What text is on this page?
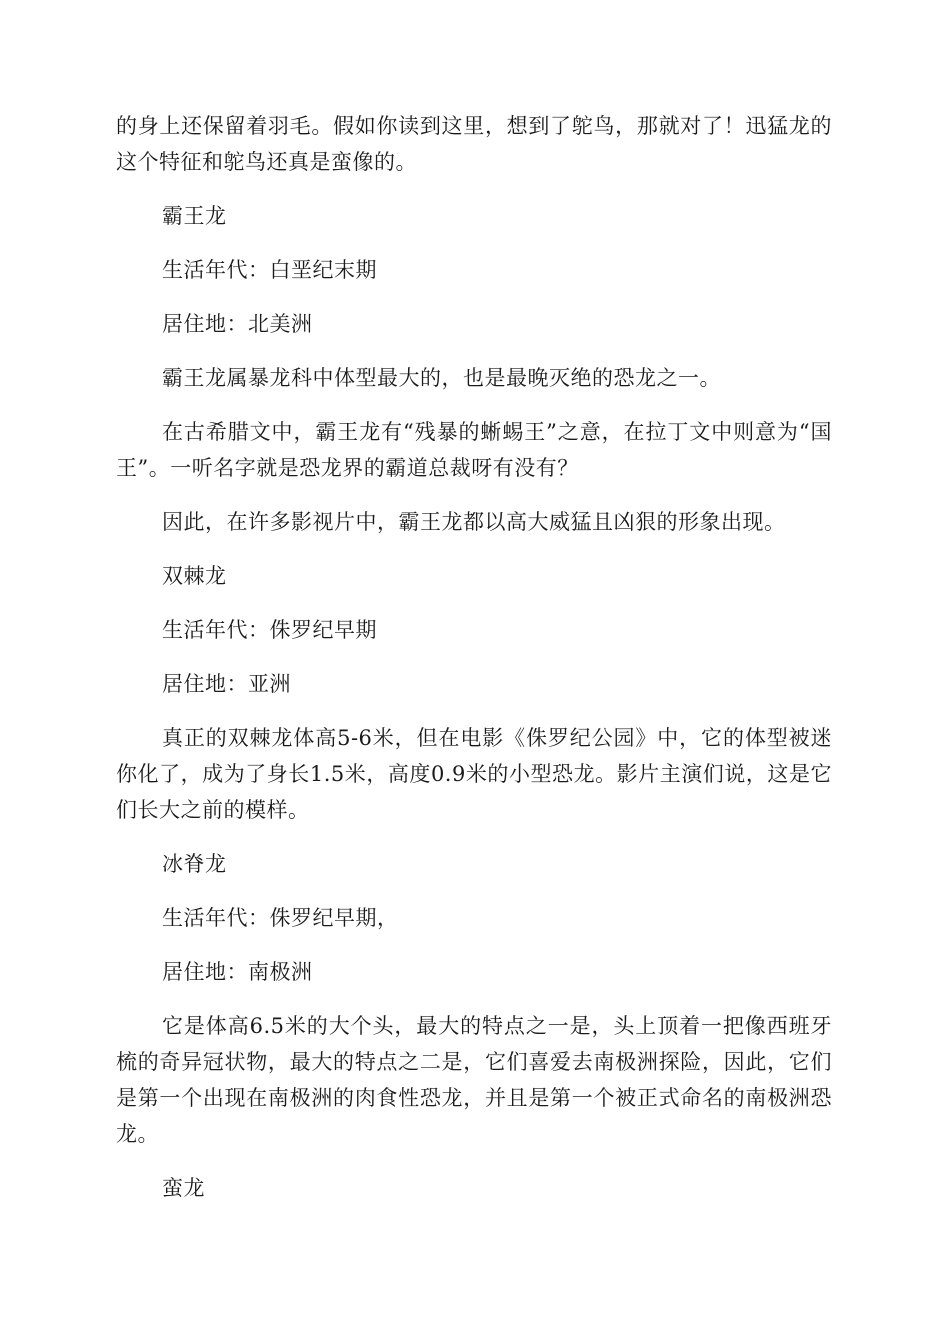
的身上还保留着羽毛。假如你读到这里，想到了鸵鸟，那就对了！迅猛龙的这个特征和鸵鸟还真是蛮像的。

霸王龙

生活年代：白垩纪末期

居住地：北美洲

霸王龙属暴龙科中体型最大的，也是最晚灭绝的恐龙之一。

在古希腊文中，霸王龙有“残暴的蜥蜴王”之意，在拉丁文中则意为“国王”。一听名字就是恐龙界的霸道总裁呀有没有？

因此，在许多影视片中，霸王龙都以高大威猛且凶狠的形象出现。

双棘龙

生活年代：侏罗纪早期

居住地：亚洲

真正的双棘龙体高5-6米，但在电影《侏罗纪公园》中，它的体型被迷你化了，成为了身长1.5米，高度0.9米的小型恐龙。影片主演们说，这是它们长大之前的模样。

冰脊龙

生活年代：侏罗纪早期，

居住地：南极洲

它是体高6.5米的大个头，最大的特点之一是，头上顶着一把像西班牙梳的奇异冠状物，最大的特点之二是，它们喜爱去南极洲探险，因此，它们是第一个出现在南极洲的肉食性恐龙，并且是第一个被正式命名的南极洲恐龙。

蛮龙
